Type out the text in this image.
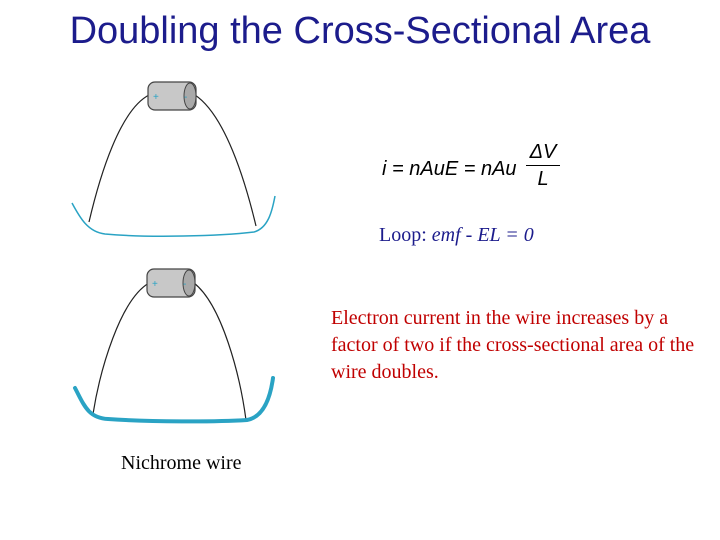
Doubling the Cross-Sectional Area
+	-
+	-
i = nAuE = nAu
ΔV
L
Loop: emf - EL = 0
Electron current in the wire increases by a factor of two if the cross-sectional area of the wire doubles.
Nichrome wire
